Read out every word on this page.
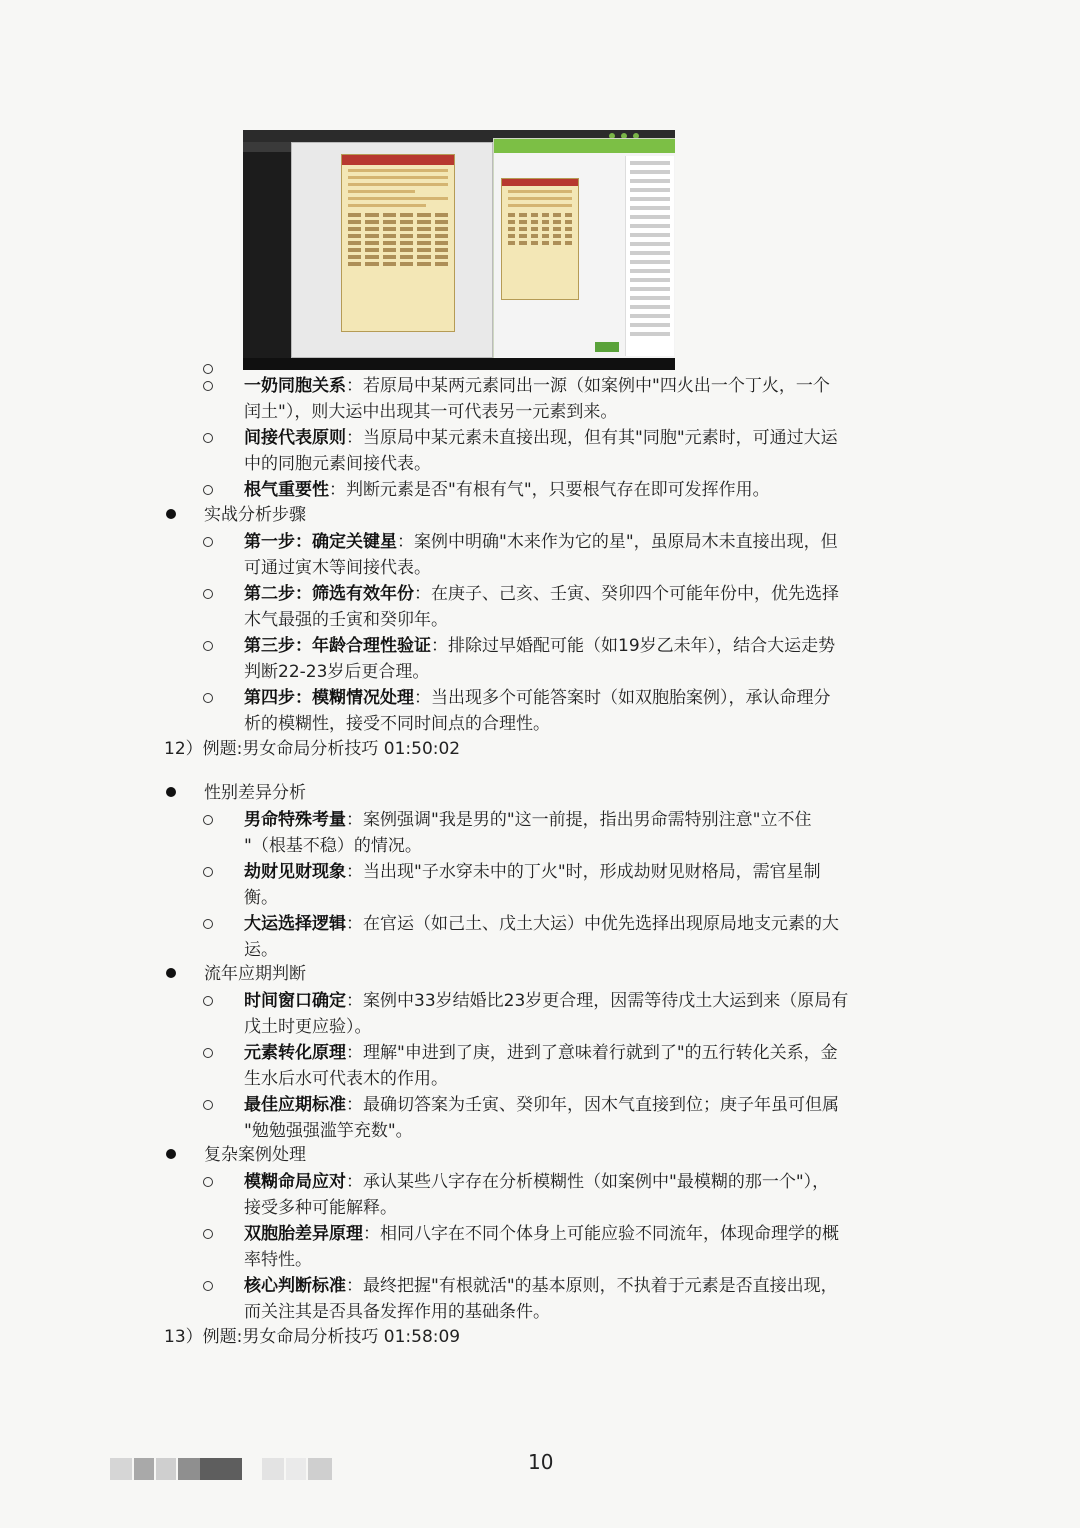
一奶同胞关系：若原局中某两元素同出一源（如案例中"四火出一个丁火，一个
闰土"），则大运中出现其一可代表另一元素到来。
间接代表原则：当原局中某元素未直接出现，但有其"同胞"元素时，可通过大运
中的同胞元素间接代表。
根气重要性：判断元素是否"有根有气"，只要根气存在即可发挥作用。
实战分析步骤
第一步：确定关键星：案例中明确"木来作为它的星"，虽原局木未直接出现，但
可通过寅木等间接代表。
第二步：筛选有效年份：在庚子、己亥、壬寅、癸卯四个可能年份中，优先选择
木气最强的壬寅和癸卯年。
第三步：年龄合理性验证：排除过早婚配可能（如19岁乙未年），结合大运走势
判断22-23岁后更合理。
第四步：模糊情况处理：当出现多个可能答案时（如双胞胎案例），承认命理分
析的模糊性，接受不同时间点的合理性。
12）例题:男女命局分析技巧 01:50:02
性别差异分析
男命特殊考量：案例强调"我是男的"这一前提，指出男命需特别注意"立不住
"（根基不稳）的情况。
劫财见财现象：当出现"子水穿未中的丁火"时，形成劫财见财格局，需官星制
衡。
大运选择逻辑：在官运（如己土、戊土大运）中优先选择出现原局地支元素的大
运。
流年应期判断
时间窗口确定：案例中33岁结婚比23岁更合理，因需等待戊土大运到来（原局有
戊土时更应验）。
元素转化原理：理解"申进到了庚，进到了意味着行就到了"的五行转化关系，金
生水后水可代表木的作用。
最佳应期标准：最确切答案为壬寅、癸卯年，因木气直接到位；庚子年虽可但属
"勉勉强强滥竽充数"。
复杂案例处理
模糊命局应对：承认某些八字存在分析模糊性（如案例中"最模糊的那一个"），
接受多种可能解释。
双胞胎差异原理：相同八字在不同个体身上可能应验不同流年，体现命理学的概
率特性。
核心判断标准：最终把握"有根就活"的基本原则，不执着于元素是否直接出现，
而关注其是否具备发挥作用的基础条件。
13）例题:男女命局分析技巧 01:58:09
10
